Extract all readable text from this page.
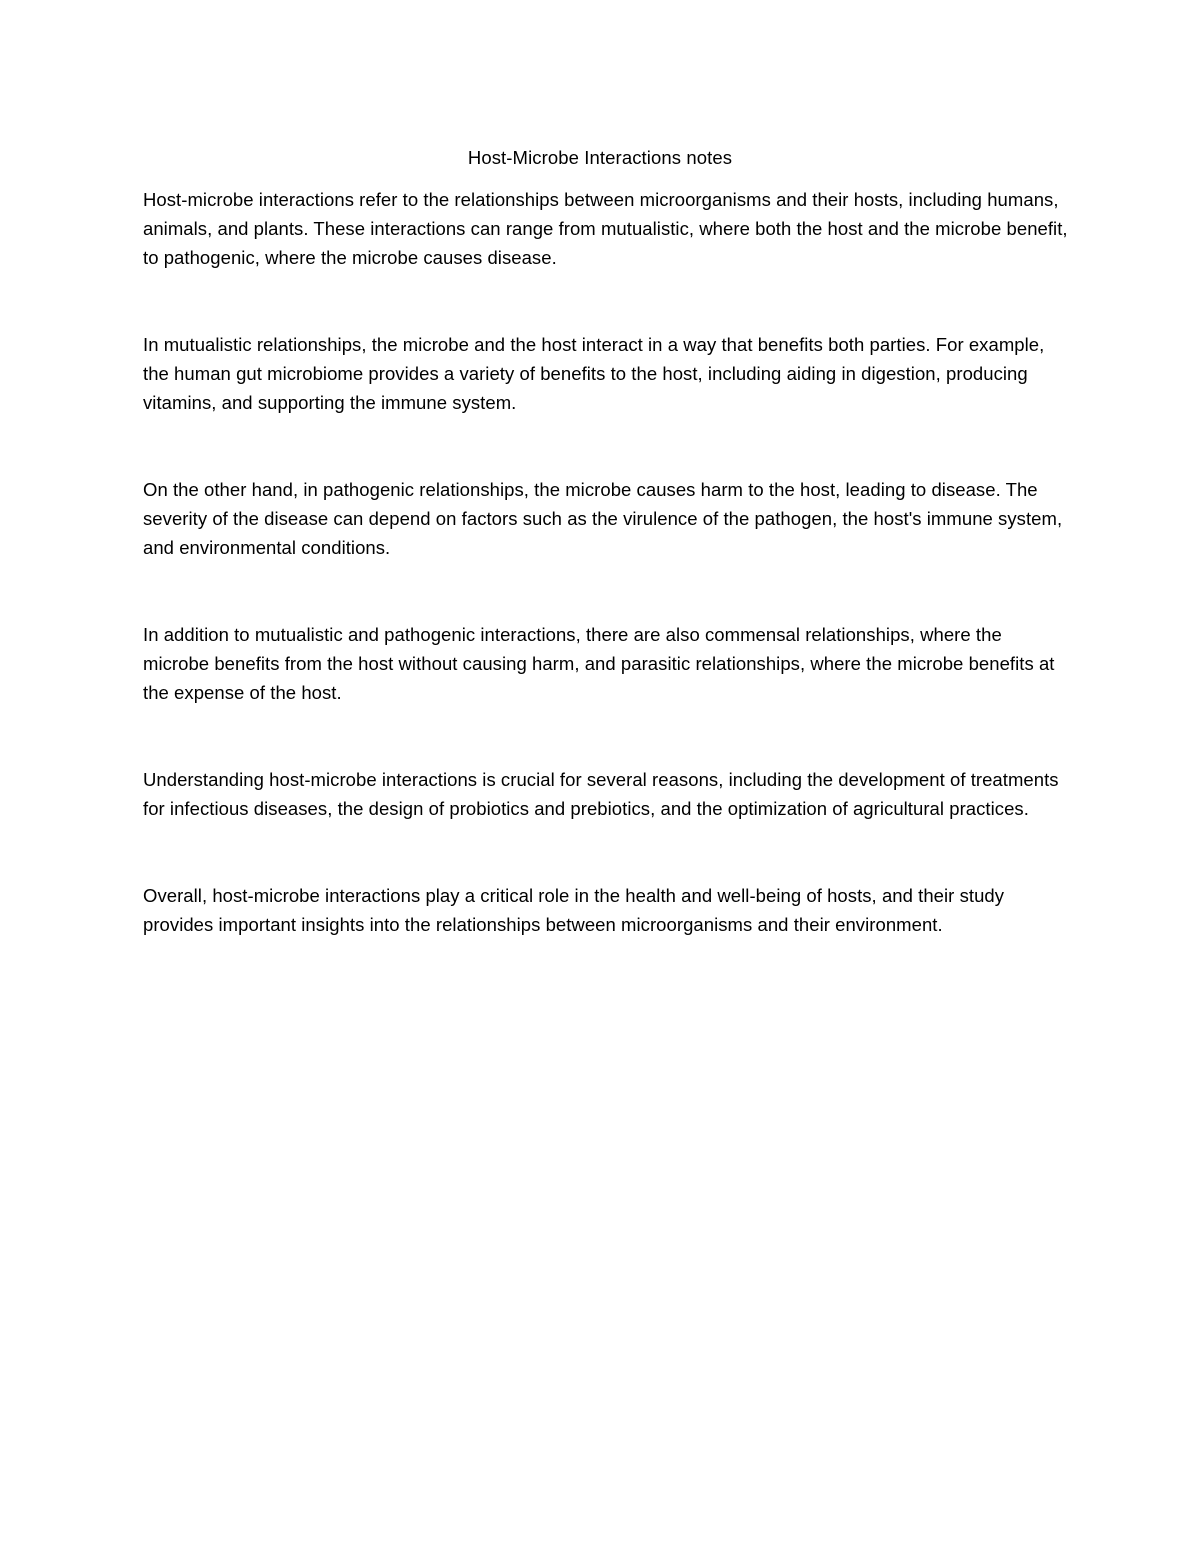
Host-Microbe Interactions notes

Host-microbe interactions refer to the relationships between microorganisms and their hosts, including humans, animals, and plants. These interactions can range from mutualistic, where both the host and the microbe benefit, to pathogenic, where the microbe causes disease.

In mutualistic relationships, the microbe and the host interact in a way that benefits both parties. For example, the human gut microbiome provides a variety of benefits to the host, including aiding in digestion, producing vitamins, and supporting the immune system.

On the other hand, in pathogenic relationships, the microbe causes harm to the host, leading to disease. The severity of the disease can depend on factors such as the virulence of the pathogen, the host's immune system, and environmental conditions.

In addition to mutualistic and pathogenic interactions, there are also commensal relationships, where the microbe benefits from the host without causing harm, and parasitic relationships, where the microbe benefits at the expense of the host.

Understanding host-microbe interactions is crucial for several reasons, including the development of treatments for infectious diseases, the design of probiotics and prebiotics, and the optimization of agricultural practices.

Overall, host-microbe interactions play a critical role in the health and well-being of hosts, and their study provides important insights into the relationships between microorganisms and their environment.
